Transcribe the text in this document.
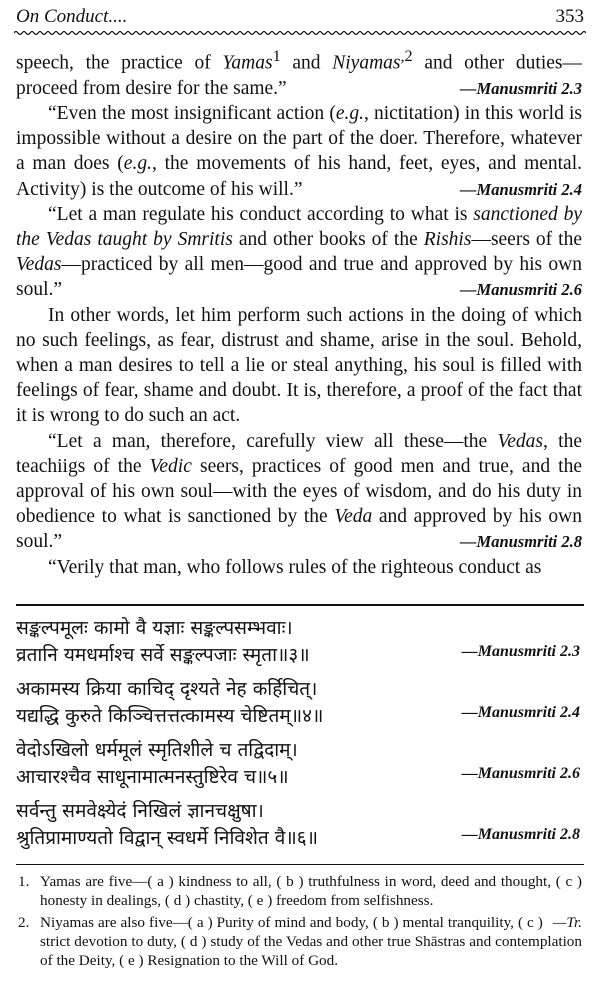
On Conduct....	353

speech, the practice of Yamas$^1$ and Niyamas$^{,2}$ and other duties—proceed from desire for the same.”	—Manusmriti 2.3

“Even the most insignificant action (e.g., nictitation) in this world is impossible without a desire on the part of the doer. Therefore, whatever a man does (e.g., the movements of his hand, feet, eyes, and mental. Activity) is the outcome of his will.”	—Manusmriti 2.4

“Let a man regulate his conduct according to what is sanctioned by the Vedas taught by Smritis and other books of the Rishis—seers of the Vedas—practiced by all men—good and true and approved by his own soul.”	—Manusmriti 2.6

In other words, let him perform such actions in the doing of which no such feelings, as fear, distrust and shame, arise in the soul. Behold, when a man desires to tell a lie or steal anything, his soul is filled with feelings of fear, shame and doubt. It is, therefore, a proof of the fact that it is wrong to do such an act.

“Let a man, therefore, carefully view all these—the Vedas, the teachiigs of the Vedic seers, practices of good men and true, and the approval of his own soul—with the eyes of wisdom, and do his duty in obedience to what is sanctioned by the Veda and approved by his own soul.”	—Manusmriti 2.8

“Verily that man, who follows rules of the righteous conduct as

सङ्कल्पमूलः कामो वै यज्ञाः सङ्कल्पसम्भवाः।
व्रतानि यमधर्माश्च सर्वे सङ्कल्पजाः स्मृता॥३॥	—Manusmriti 2.3
अकामस्य क्रिया काचिद् दृश्यते नेह कर्हिचित्।
यद्यद्धि कुरुते किञ्चित्तत्तत्कामस्य चेष्टितम्॥४॥	—Manusmriti 2.4
वेदोऽखिलो धर्ममूलं स्मृतिशीले च तद्विदाम्।
आचारश्चैव साधूनामात्मनस्तुष्टिरेव च॥५॥	—Manusmriti 2.6
सर्वन्तु समवेक्ष्येदं निखिलं ज्ञानचक्षुषा।
श्रुतिप्रामाण्यतो विद्वान् स्वधर्मे निविशेत वै॥६॥	—Manusmriti 2.8
1. Yamas are five—( a ) kindness to all, ( b ) truthfulness in word, deed and thought, ( c ) honesty in dealings, ( d ) chastity, ( e ) freedom from selfishness.
2.	—Tr.
Niyamas are also five—( a ) Purity of mind and body, ( b ) mental tranquility, ( c ) strict devotion to duty, ( d ) study of the Vedas and other true Shāstras and contemplation of the Deity, ( e ) Resignation to the Will of God.
